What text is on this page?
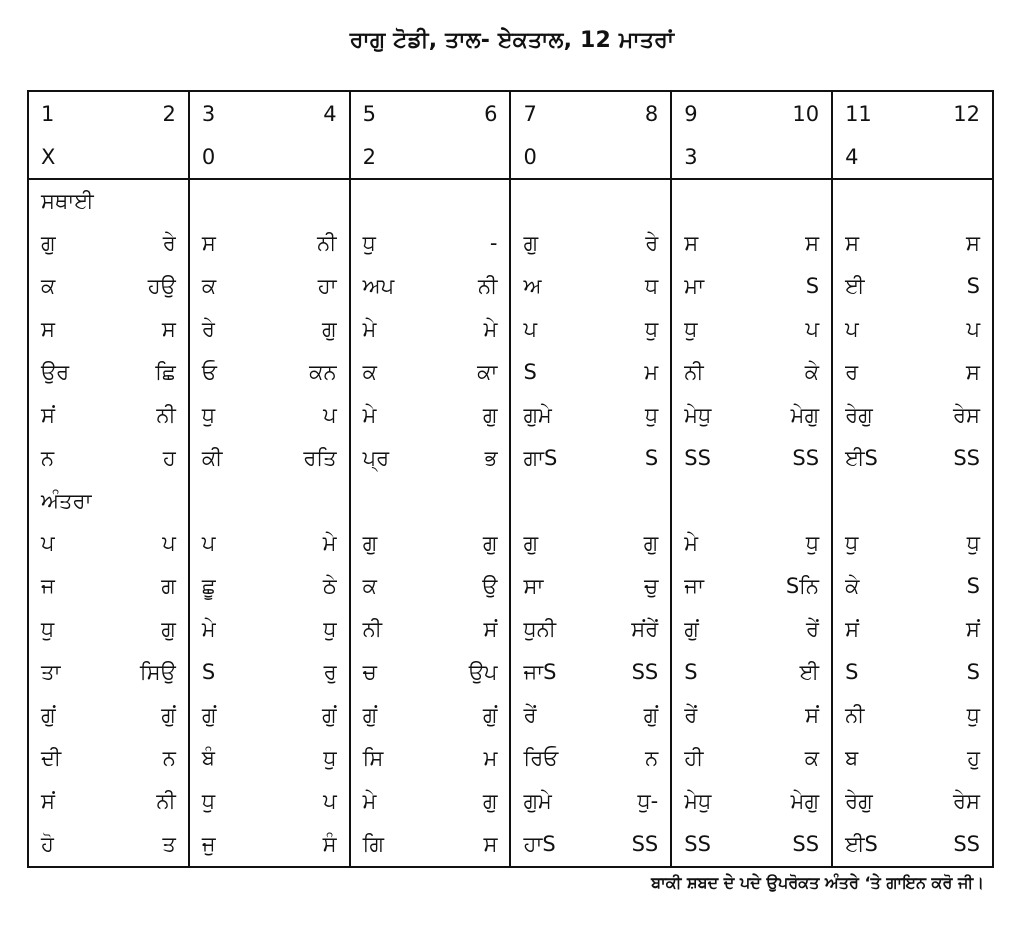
ਰਾਗੁ ਟੋਡੀ, ਤਾਲ- ਏਕਤਾਲ, 12 ਮਾਤਰਾਂ
1	2	3	4	5	6	7	8	9	10	11	12
X		0		2		0		3		4	
ਸਥਾਈ											
ਗੁ	ਰੇ	ਸ	ਨੀ	ਧੁ	-	ਗੁ	ਰੇ	ਸ	ਸ	ਸ	ਸ
ਕ	ਹਉ	ਕ	ਹਾ	ਅਪ	ਨੀ	ਅ	ਧ	ਮਾ	S	ਈ	S
ਸ	ਸ	ਰੇ	ਗੁ	ਮੇ	ਮੇ	ਪ	ਧੁ	ਧੁ	ਪ	ਪ	ਪ
ਉਰ	ਛਿ	ਓ	ਕਨ	ਕ	ਕਾ	S	ਮ	ਨੀ	ਕੇ	ਰ	ਸ
ਸਂ	ਨੀ	ਧੁ	ਪ	ਮੇ	ਗੁ	ਗੁਮੇ	ਧੁ	ਮੇਧੁ	ਮੇਗੁ	ਰੇਗੁ	ਰੇਸ
ਨ	ਹ	ਕੀ	ਰਤਿ	ਪ੍ਰ	ਭ	ਗਾS	S	SS	SS	ਈS	SS
ਅੰਤਰਾ											
ਪ	ਪ	ਪ	ਮੇ	ਗੁ	ਗੁ	ਗੁ	ਗੁ	ਮੇ	ਧੁ	ਧੁ	ਧੁ
ਜ	ਗ	ਛੂ	ਠੇ	ਕ	ਉ	ਸਾ	ਚੁ	ਜਾ	Sਨਿ	ਕੇ	S
ਧੁ	ਗੁ	ਮੇ	ਧੁ	ਨੀ	ਸਂ	ਧੁਨੀ	ਸਂਰੇਂ	ਗੁਂ	ਰੇਂ	ਸਂ	ਸਂ
ਤਾ	ਸਿਉ	S	ਰੁ	ਚ	ਉਪ	ਜਾS	SS	S	ਈ	S	S
ਗੁਂ	ਗੁਂ	ਗੁਂ	ਗੁਂ	ਗੁਂ	ਗੁਂ	ਰੇਂ	ਗੁਂ	ਰੇਂ	ਸਂ	ਨੀ	ਧੁ
ਦੀ	ਨ	ਬੰ	ਧੁ	ਸਿ	ਮ	ਰਿਓ	ਨ	ਹੀ	ਕ	ਬ	ਹੁ
ਸਂ	ਨੀ	ਧੁ	ਪ	ਮੇ	ਗੁ	ਗੁਮੇ	ਧੁ-	ਮੇਧੁ	ਮੇਗੁ	ਰੇਗੁ	ਰੇਸ
ਹੋ	ਤ	ਜੁ	ਸੰ	ਗਿ	ਸ	ਹਾS	SS	SS	SS	ਈS	SS
ਬਾਕੀ ਸ਼ਬਦ ਦੇ ਪਦੇ ਉਪਰੋਕਤ ਅੰਤਰੇ ‘ਤੇ ਗਾਇਨ ਕਰੋ ਜੀ।
